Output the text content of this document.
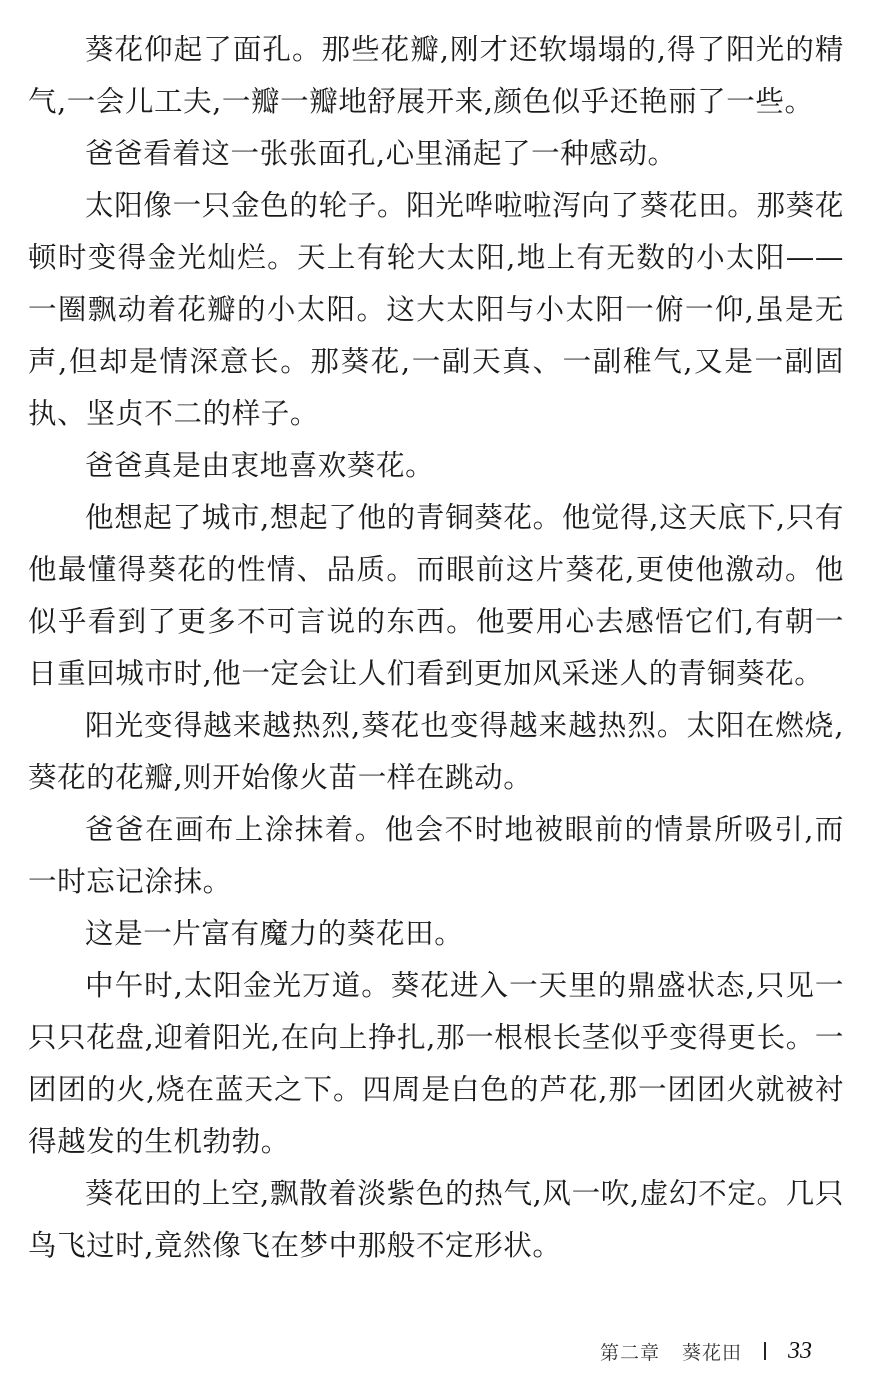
葵花仰起了面孔。那些花瓣,刚才还软塌塌的,得了阳光的精气,一会儿工夫,一瓣一瓣地舒展开来,颜色似乎还艳丽了一些。

爸爸看着这一张张面孔,心里涌起了一种感动。

太阳像一只金色的轮子。阳光哗啦啦泻向了葵花田。那葵花顿时变得金光灿烂。天上有轮大太阳,地上有无数的小太阳——一圈飘动着花瓣的小太阳。这大太阳与小太阳一俯一仰,虽是无声,但却是情深意长。那葵花,一副天真、一副稚气,又是一副固执、坚贞不二的样子。

爸爸真是由衷地喜欢葵花。

他想起了城市,想起了他的青铜葵花。他觉得,这天底下,只有他最懂得葵花的性情、品质。而眼前这片葵花,更使他激动。他似乎看到了更多不可言说的东西。他要用心去感悟它们,有朝一日重回城市时,他一定会让人们看到更加风采迷人的青铜葵花。

阳光变得越来越热烈,葵花也变得越来越热烈。太阳在燃烧,葵花的花瓣,则开始像火苗一样在跳动。

爸爸在画布上涂抹着。他会不时地被眼前的情景所吸引,而一时忘记涂抹。

这是一片富有魔力的葵花田。

中午时,太阳金光万道。葵花进入一天里的鼎盛状态,只见一只只花盘,迎着阳光,在向上挣扎,那一根根长茎似乎变得更长。一团团的火,烧在蓝天之下。四周是白色的芦花,那一团团火就被衬得越发的生机勃勃。

葵花田的上空,飘散着淡紫色的热气,风一吹,虚幻不定。几只鸟飞过时,竟然像飞在梦中那般不定形状。

第二章 葵花田 33
